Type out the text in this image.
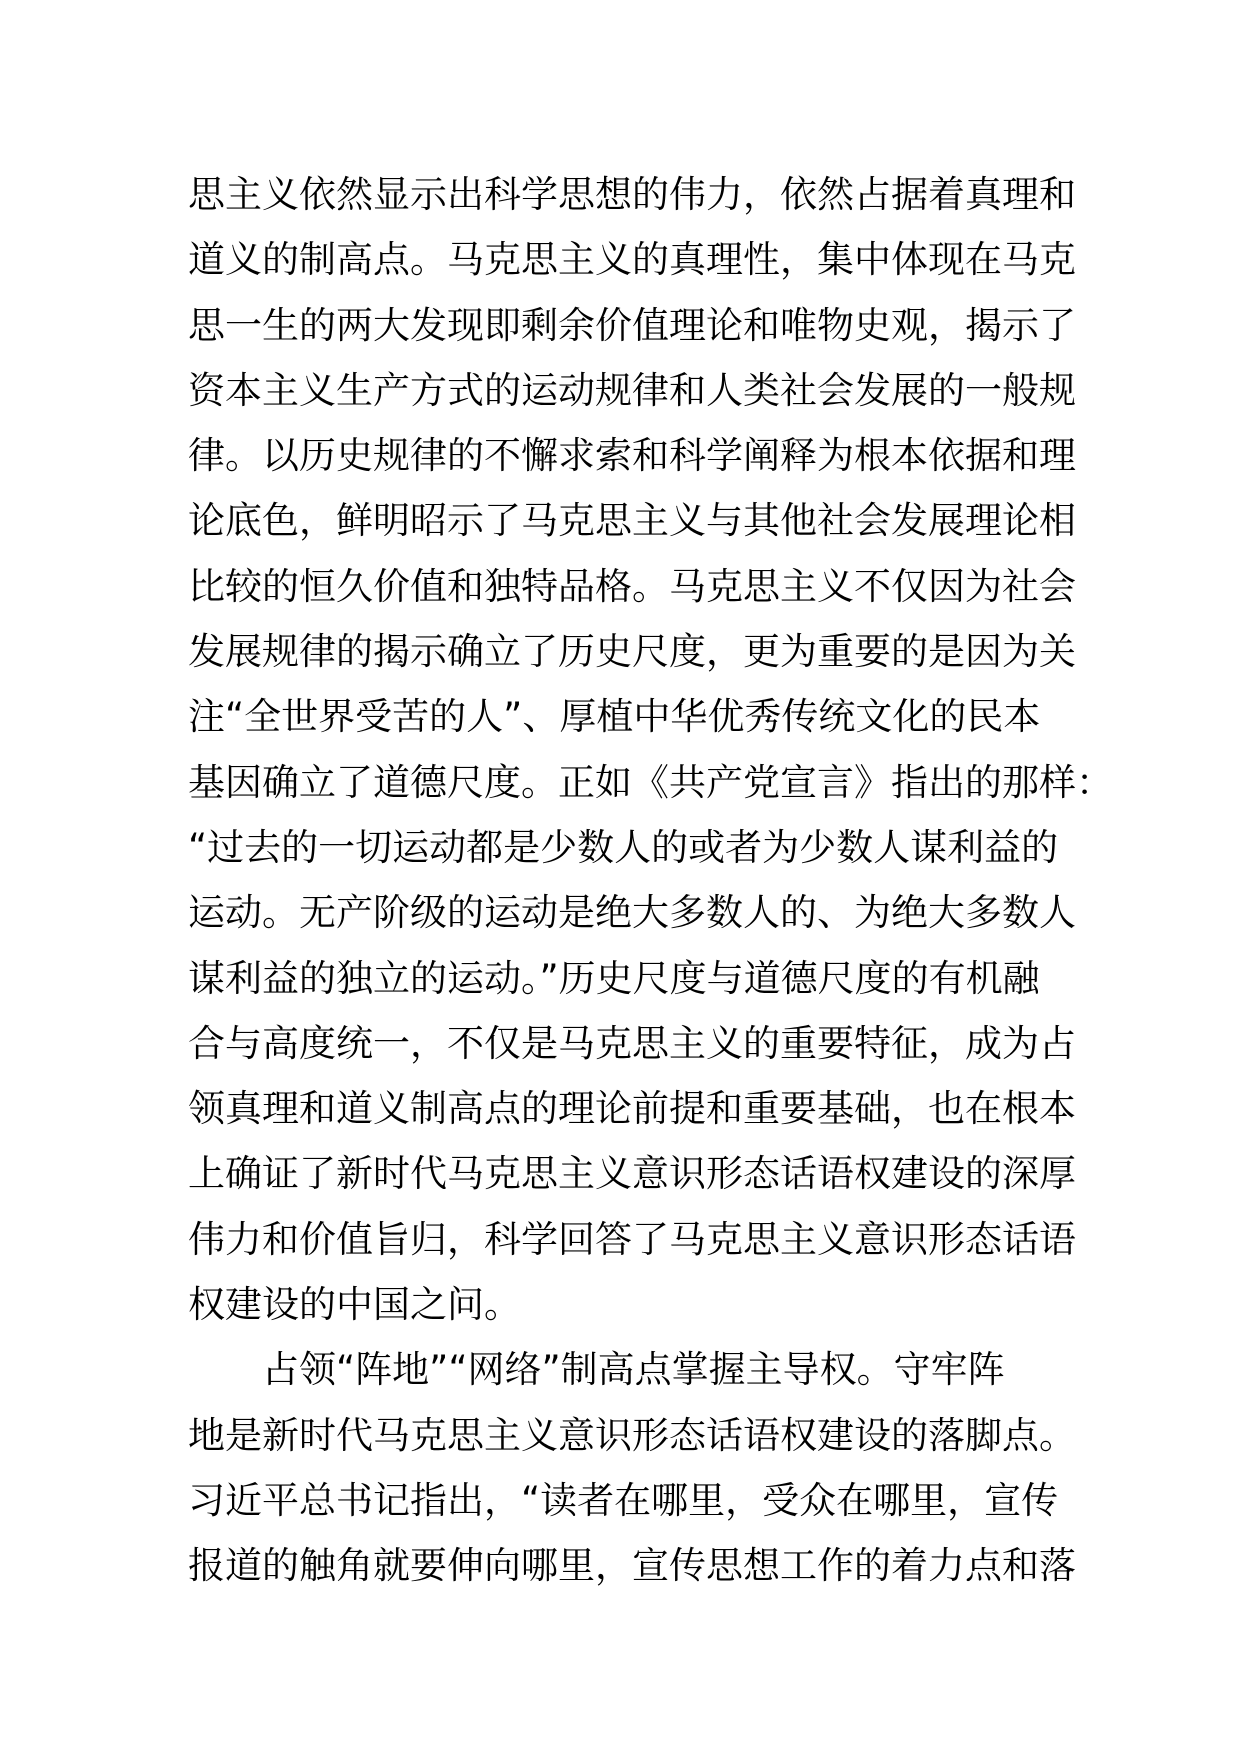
思主义依然显示出科学思想的伟力，依然占据着真理和
道义的制高点。马克思主义的真理性，集中体现在马克
思一生的两大发现即剩余价值理论和唯物史观，揭示了
资本主义生产方式的运动规律和人类社会发展的一般规
律。以历史规律的不懈求索和科学阐释为根本依据和理
论底色，鲜明昭示了马克思主义与其他社会发展理论相
比较的恒久价值和独特品格。马克思主义不仅因为社会
发展规律的揭示确立了历史尺度，更为重要的是因为关
注“全世界受苦的人”、厚植中华优秀传统文化的民本
基因确立了道德尺度。正如《共产党宣言》指出的那样：
“过去的一切运动都是少数人的或者为少数人谋利益的
运动。无产阶级的运动是绝大多数人的、为绝大多数人
谋利益的独立的运动。”历史尺度与道德尺度的有机融
合与高度统一，不仅是马克思主义的重要特征，成为占
领真理和道义制高点的理论前提和重要基础，也在根本
上确证了新时代马克思主义意识形态话语权建设的深厚
伟力和价值旨归，科学回答了马克思主义意识形态话语
权建设的中国之问。
占领“阵地”“网络”制高点掌握主导权。守牢阵
地是新时代马克思主义意识形态话语权建设的落脚点。
习近平总书记指出，“读者在哪里，受众在哪里，宣传
报道的触角就要伸向哪里，宣传思想工作的着力点和落
